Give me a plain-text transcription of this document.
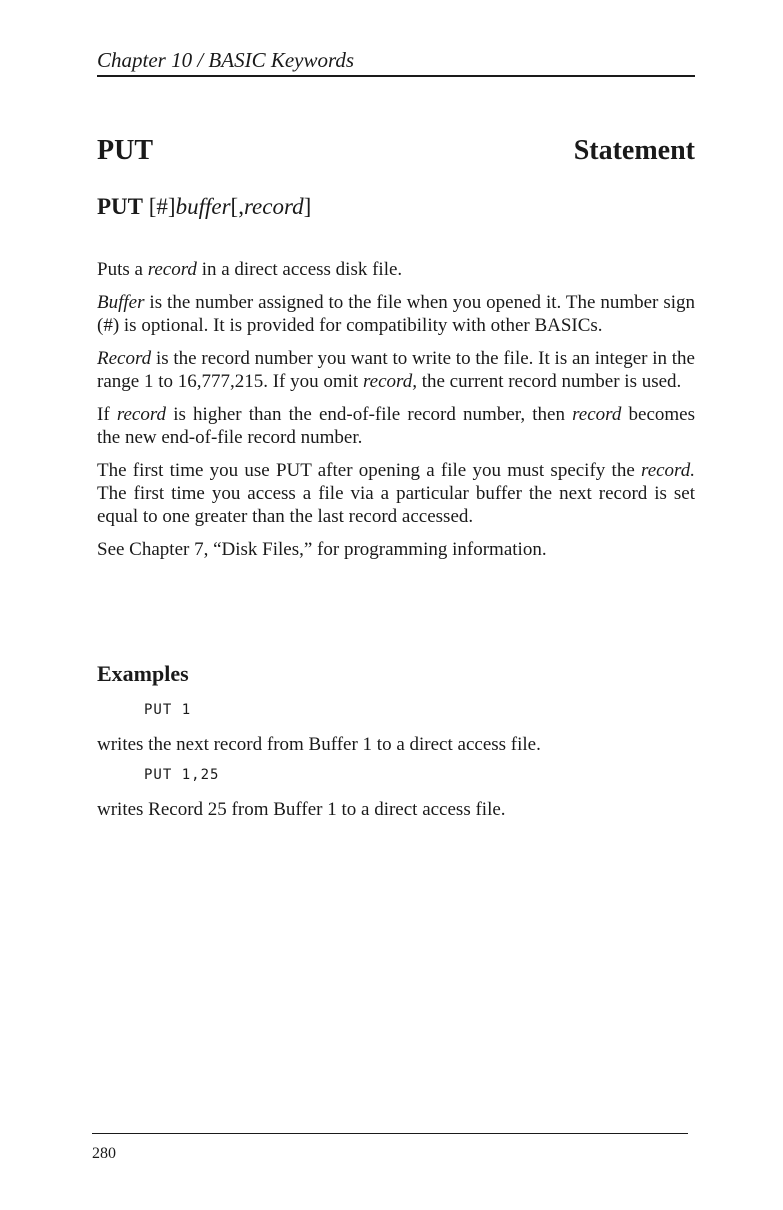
Chapter 10 / BASIC Keywords
PUT	Statement
PUT [#]buffer[,record]

Puts a record in a direct access disk file.

Buffer is the number assigned to the file when you opened it. The number sign (#) is optional. It is provided for compatibility with other BASICs.

Record is the record number you want to write to the file. It is an integer in the range 1 to 16,777,215. If you omit record, the current record number is used.

If record is higher than the end-of-file record number, then record becomes the new end-of-file record number.

The first time you use PUT after opening a file you must specify the record. The first time you access a file via a particular buffer the next record is set equal to one greater than the last record accessed.

See Chapter 7, “Disk Files,” for programming information.

Examples
PUT 1
writes the next record from Buffer 1 to a direct access file.
PUT 1,25
writes Record 25 from Buffer 1 to a direct access file.
280
